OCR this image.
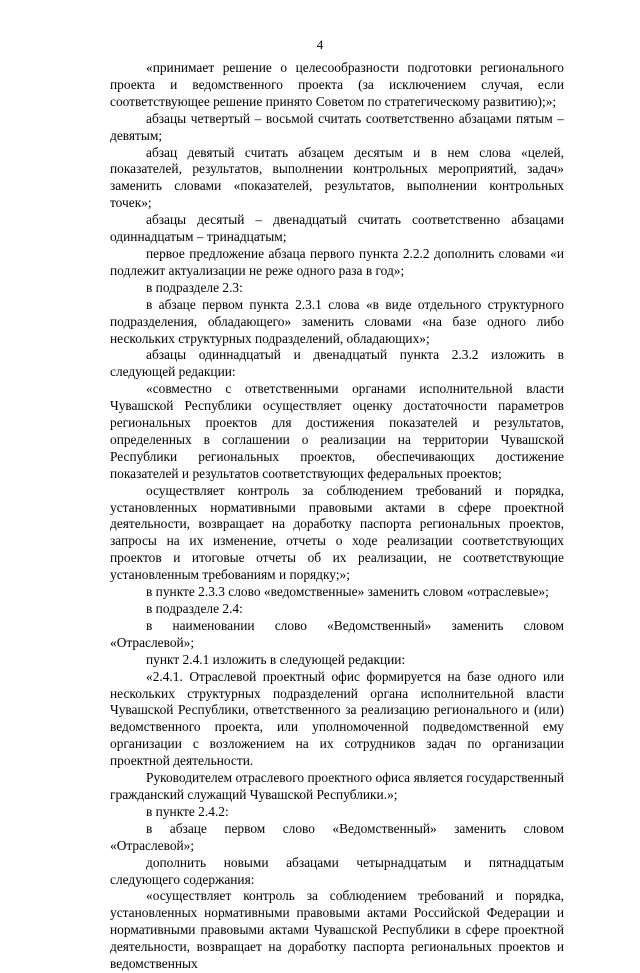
4

«принимает решение о целесообразности подготовки регионального проекта и ведомственного проекта (за исключением случая, если соответствующее решение принято Советом по стратегическому развитию);»;

абзацы четвертый – восьмой считать соответственно абзацами пятым – девятым;

абзац девятый считать абзацем десятым и в нем слова «целей, показателей, результатов, выполнении контрольных мероприятий, задач» заменить словами «показателей, результатов, выполнении контрольных точек»;

абзацы десятый – двенадцатый считать соответственно абзацами одиннадцатым – тринадцатым;

первое предложение абзаца первого пункта 2.2.2 дополнить словами «и подлежит актуализации не реже одного раза в год»;

в подразделе 2.3:

в абзаце первом пункта 2.3.1 слова «в виде отдельного структурного подразделения, обладающего» заменить словами «на базе одного либо нескольких структурных подразделений, обладающих»;

абзацы одиннадцатый и двенадцатый пункта 2.3.2 изложить в следующей редакции:

«совместно с ответственными органами исполнительной власти Чувашской Республики осуществляет оценку достаточности параметров региональных проектов для достижения показателей и результатов, определенных в соглашении о реализации на территории Чувашской Республики региональных проектов, обеспечивающих достижение показателей и результатов соответствующих федеральных проектов;

осуществляет контроль за соблюдением требований и порядка, установленных нормативными правовыми актами в сфере проектной деятельности, возвращает на доработку паспорта региональных проектов, запросы на их изменение, отчеты о ходе реализации соответствующих проектов и итоговые отчеты об их реализации, не соответствующие установленным требованиям и порядку;»;

в пункте 2.3.3 слово «ведомственные» заменить словом «отраслевые»;

в подразделе 2.4:

в наименовании слово «Ведомственный» заменить словом «Отраслевой»;

пункт 2.4.1 изложить в следующей редакции:

«2.4.1. Отраслевой проектный офис формируется на базе одного или нескольких структурных подразделений органа исполнительной власти Чувашской Республики, ответственного за реализацию регионального и (или) ведомственного проекта, или уполномоченной подведомственной ему организации с возложением на их сотрудников задач по организации проектной деятельности.

Руководителем отраслевого проектного офиса является государственный гражданский служащий Чувашской Республики.»;

в пункте 2.4.2:

в абзаце первом слово «Ведомственный» заменить словом «Отраслевой»;

дополнить новыми абзацами четырнадцатым и пятнадцатым следующего содержания:

«осуществляет контроль за соблюдением требований и порядка, установленных нормативными правовыми актами Российской Федерации и нормативными правовыми актами Чувашской Республики в сфере проектной деятельности, возвращает на доработку паспорта региональных проектов и ведомственных
